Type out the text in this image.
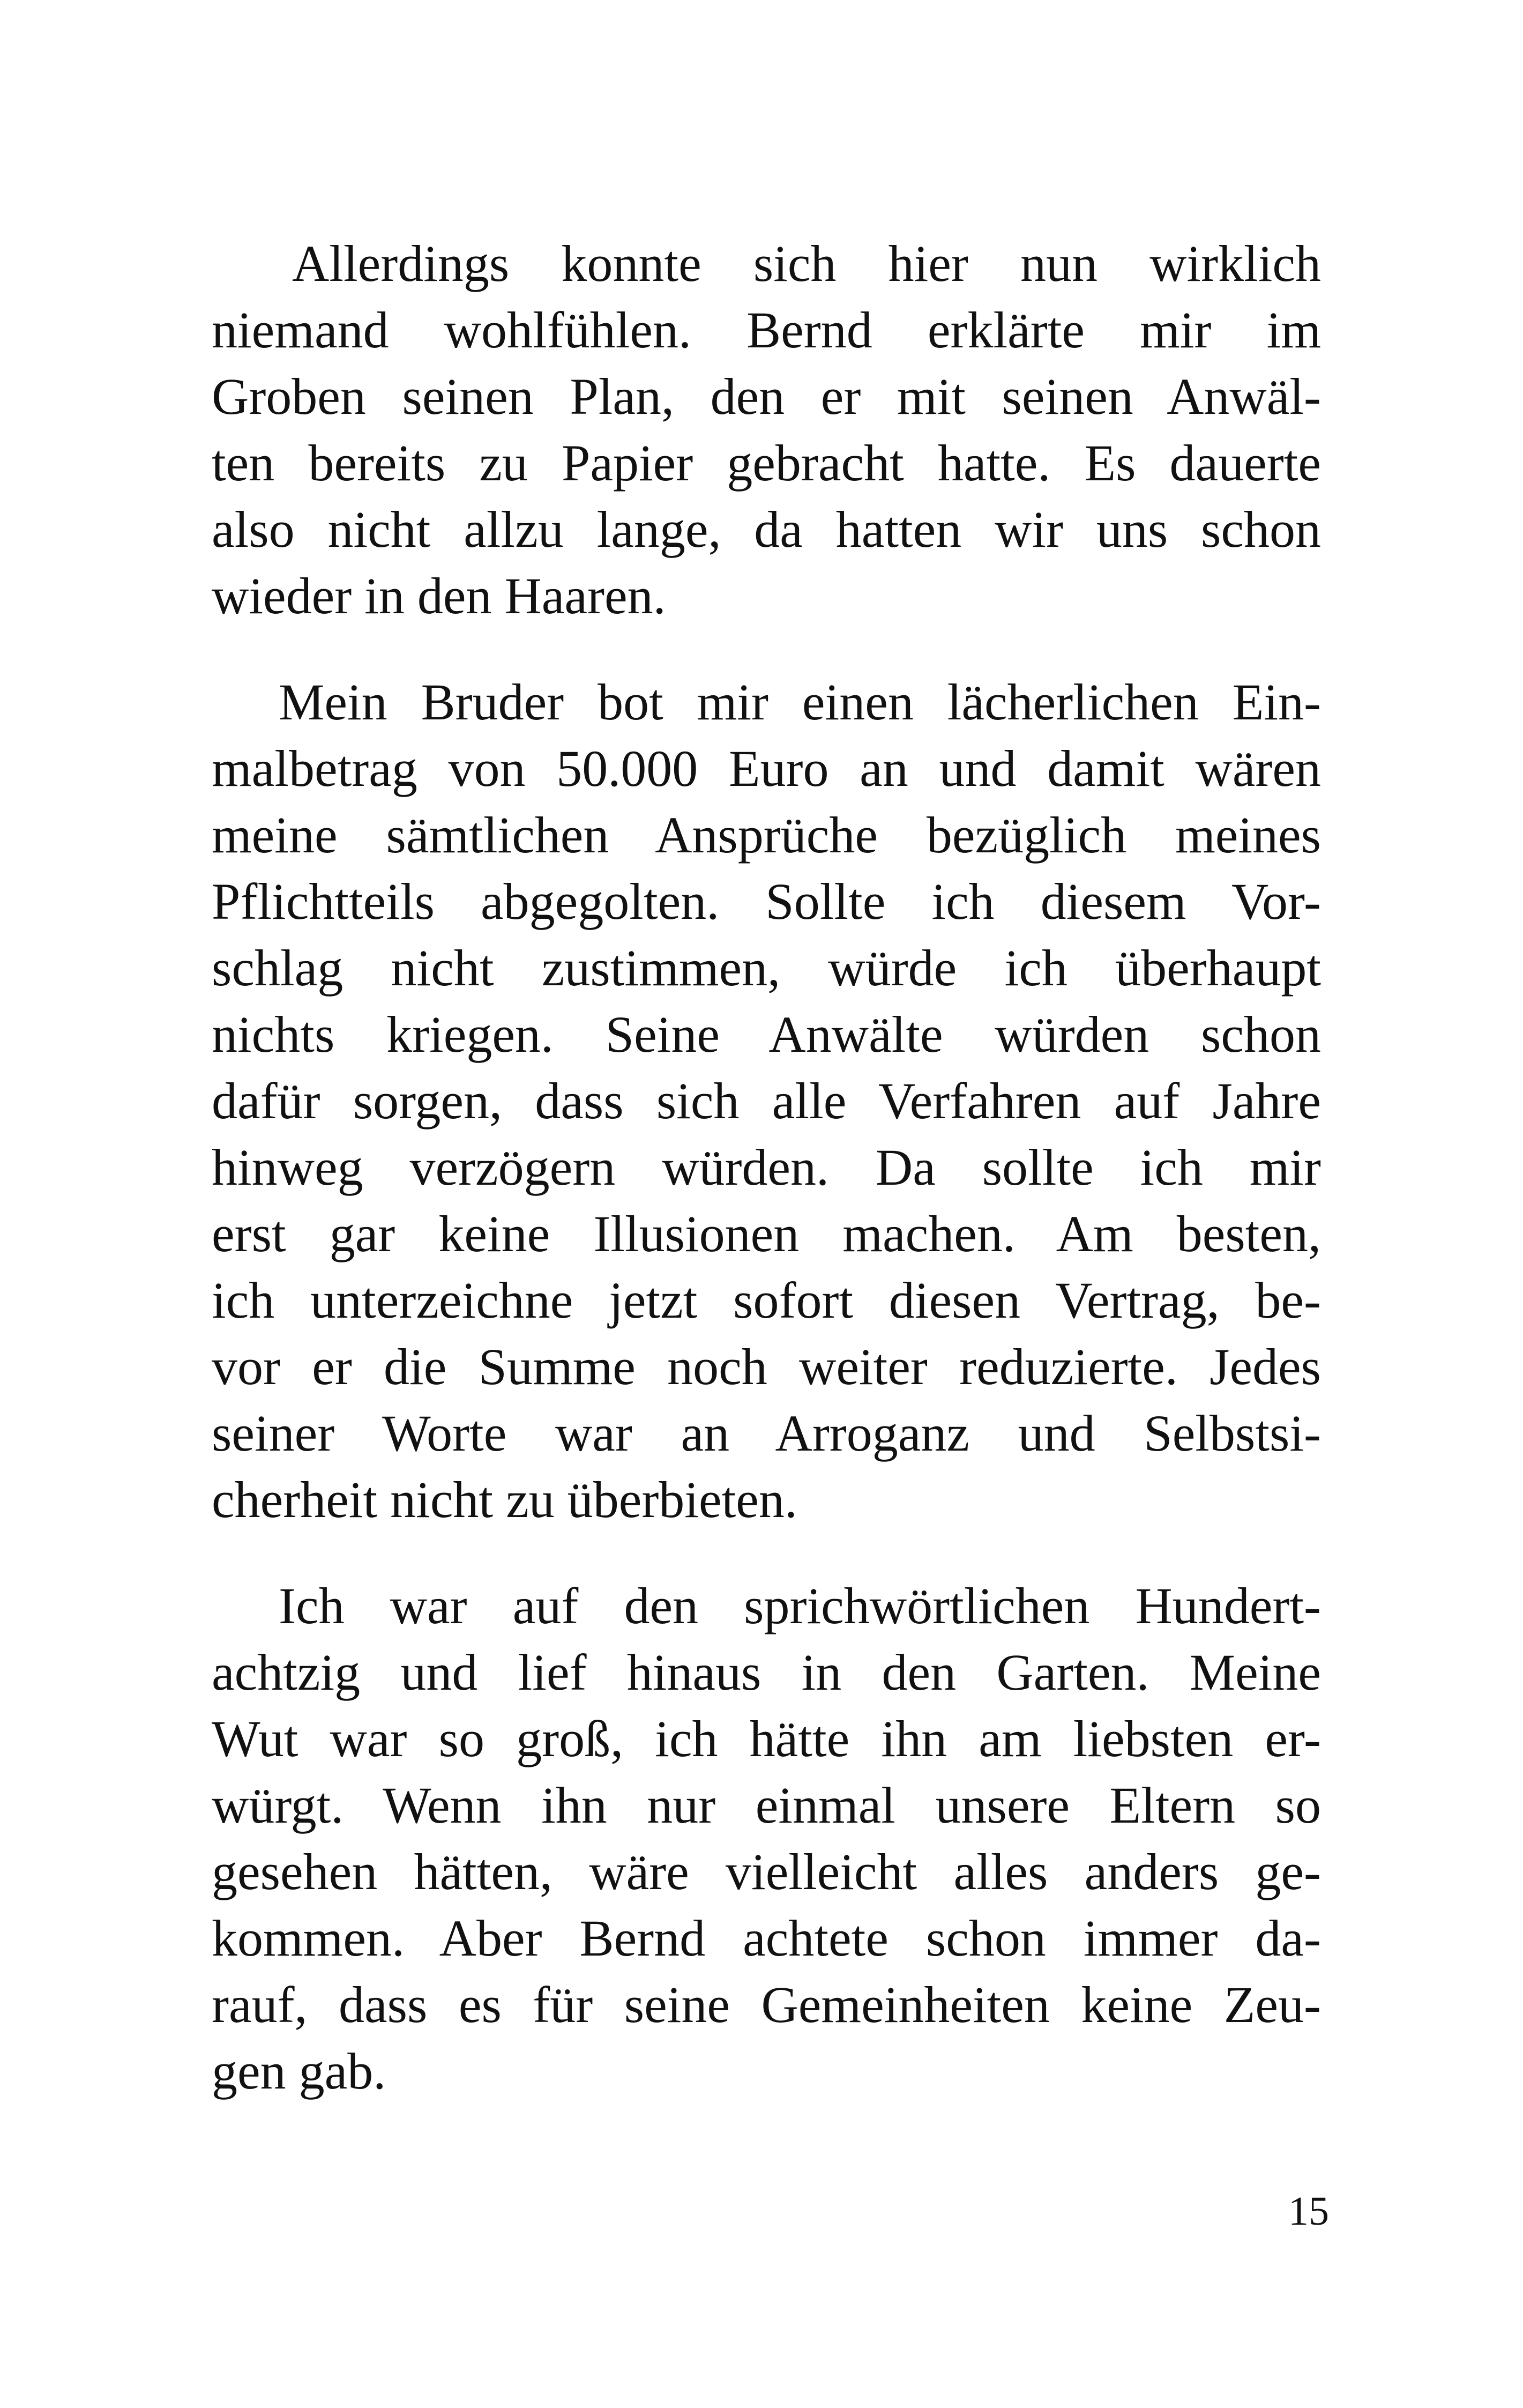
Allerdings konnte sich hier nun wirklich
niemand wohlfühlen. Bernd erklärte mir im
Groben seinen Plan, den er mit seinen Anwäl-
ten bereits zu Papier gebracht hatte. Es dauerte
also nicht allzu lange, da hatten wir uns schon
wieder in den Haaren.
Mein Bruder bot mir einen lächerlichen Ein-
malbetrag von 50.000 Euro an und damit wären
meine sämtlichen Ansprüche bezüglich meines
Pflichtteils abgegolten. Sollte ich diesem Vor-
schlag nicht zustimmen, würde ich überhaupt
nichts kriegen. Seine Anwälte würden schon
dafür sorgen, dass sich alle Verfahren auf Jahre
hinweg verzögern würden. Da sollte ich mir
erst gar keine Illusionen machen. Am besten,
ich unterzeichne jetzt sofort diesen Vertrag, be-
vor er die Summe noch weiter reduzierte. Jedes
seiner Worte war an Arroganz und Selbstsi-
cherheit nicht zu überbieten.
Ich war auf den sprichwörtlichen Hundert-
achtzig und lief hinaus in den Garten. Meine
Wut war so groß, ich hätte ihn am liebsten er-
würgt. Wenn ihn nur einmal unsere Eltern so
gesehen hätten, wäre vielleicht alles anders ge-
kommen. Aber Bernd achtete schon immer da-
rauf, dass es für seine Gemeinheiten keine Zeu-
gen gab.
15
